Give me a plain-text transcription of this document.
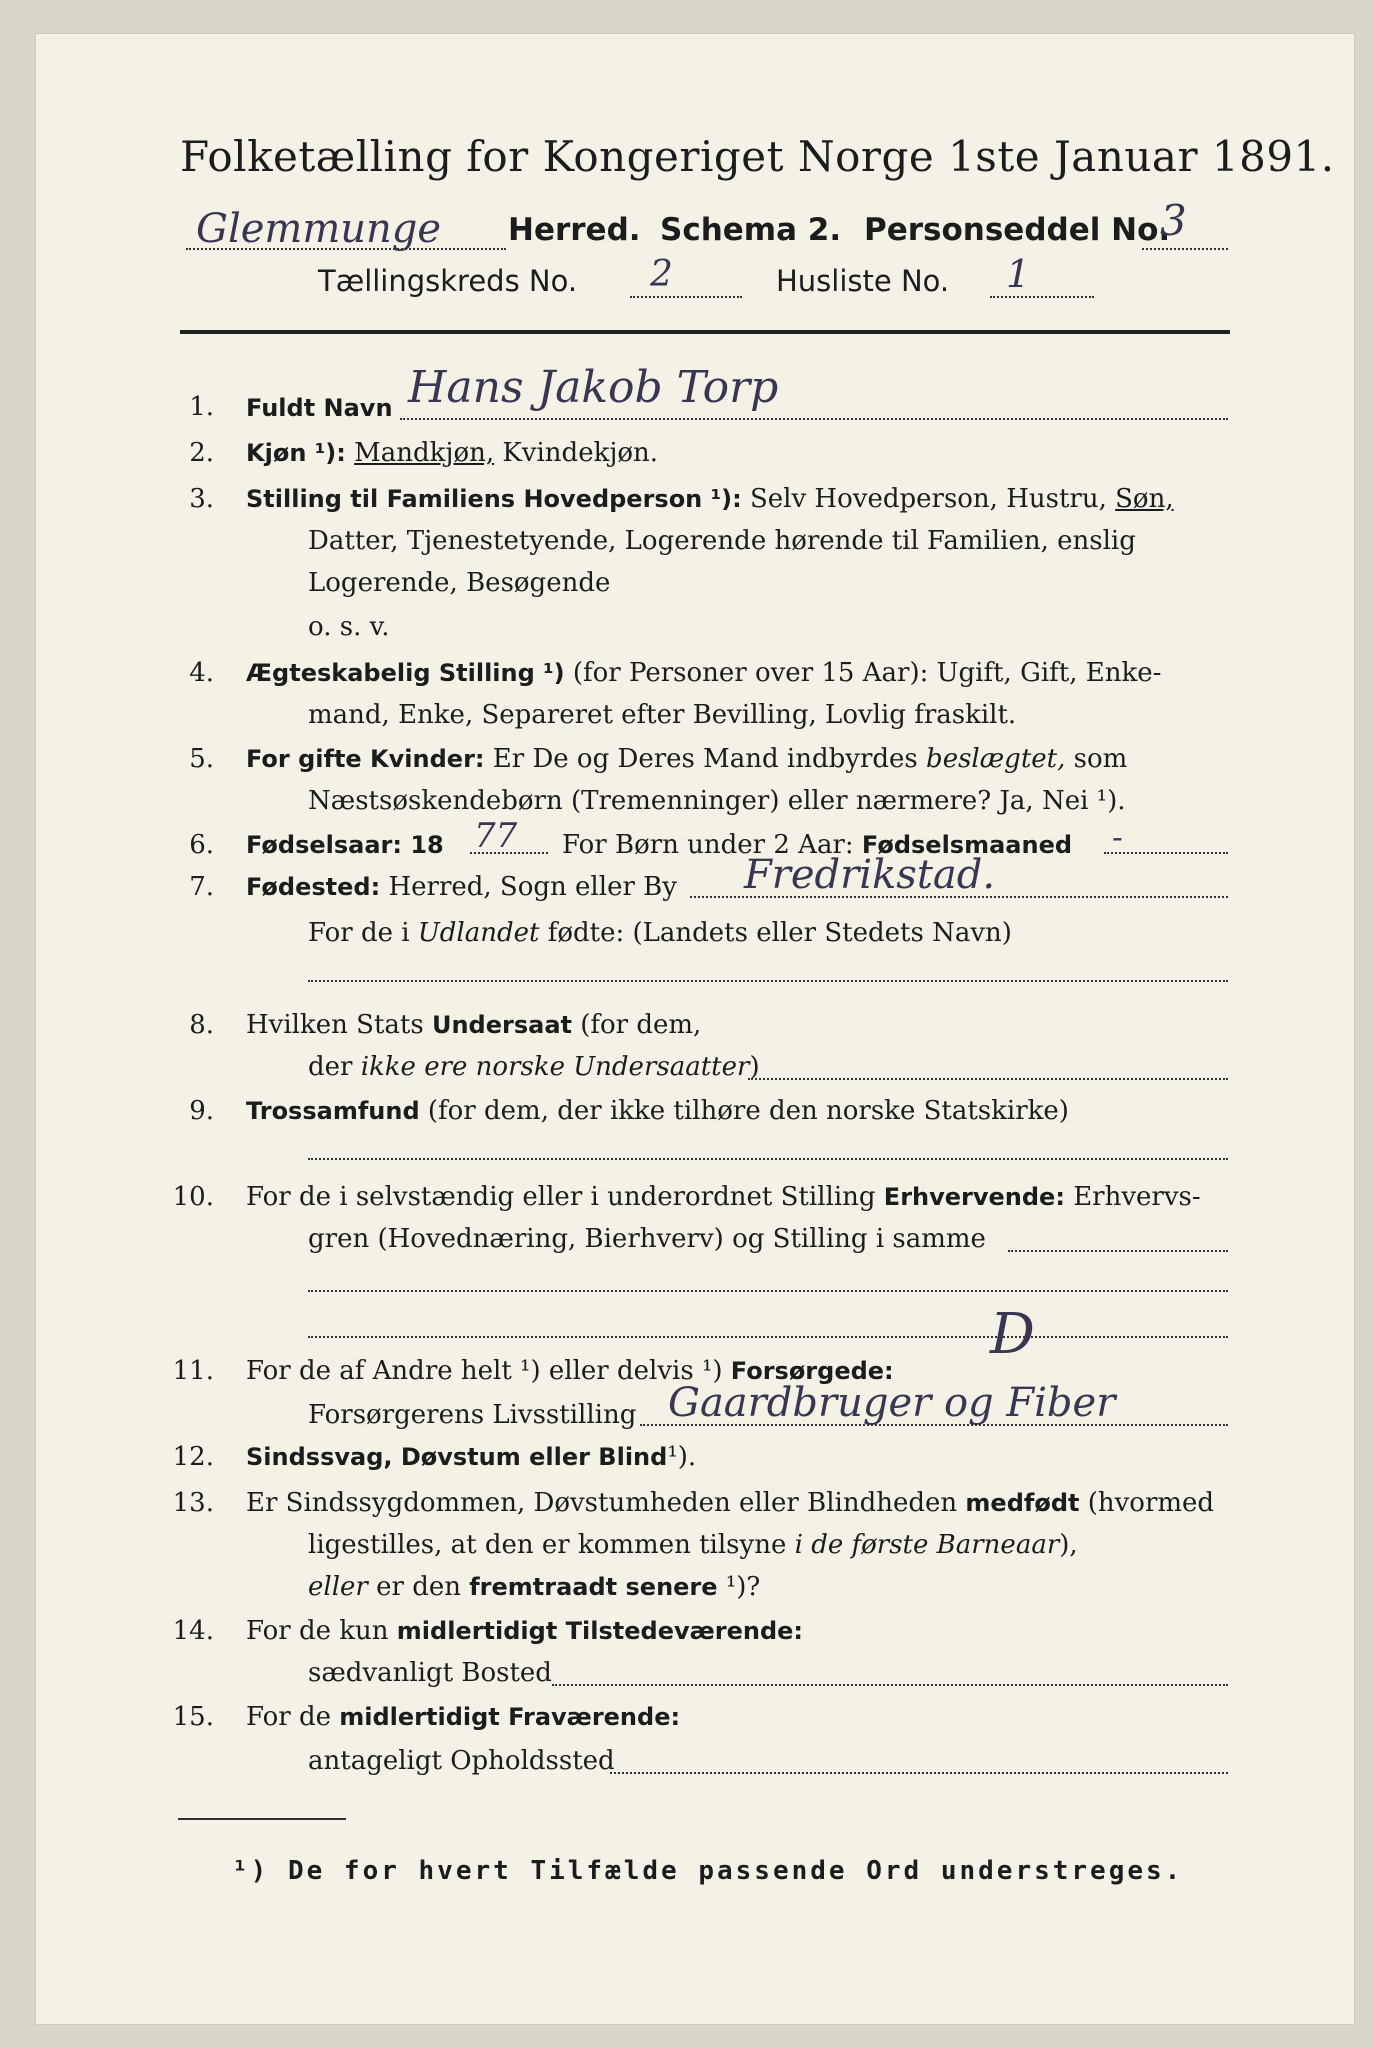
Folketælling for Kongeriget Norge 1ste Januar 1891.
Glemmunge Herred. Schema 2. Personseddel No.
3
Tællingskreds No. 2	Husliste No. 1
1. Fuldt Navn Hans Jakob Torp
2. Kjøn ¹): Mandkjøn, Kvindekjøn.
3. Stilling til Familiens Hovedperson ¹): Selv Hovedperson, Hustru, Søn,
Datter, Tjenestetyende, Logerende hørende til Familien, enslig
Logerende, Besøgende
o. s. v.
4. Ægteskabelig Stilling ¹) (for Personer over 15 Aar): Ugift, Gift, Enke-
mand, Enke, Separeret efter Bevilling, Lovlig fraskilt.
5. For gifte Kvinder: Er De og Deres Mand indbyrdes beslægtet, som
Næstsøskendebørn (Tremenninger) eller nærmere? Ja, Nei ¹).
6. Fødselsaar: 18 77 For Børn under 2 Aar: Fødselsmaaned -
7. Fødested: Herred, Sogn eller By Fredrikstad.
For de i Udlandet fødte: (Landets eller Stedets Navn)
8. Hvilken Stats Undersaat (for dem,
der ikke ere norske Undersaatter)
9. Trossamfund (for dem, der ikke tilhøre den norske Statskirke)
10. For de i selvstændig eller i underordnet Stilling Erhvervende: Erhvervs-
gren (Hovednæring, Bierhverv) og Stilling i samme
11. For de af Andre helt ¹) eller delvis ¹) Forsørgede:
D
Forsørgerens Livsstilling Gaardbruger og Fiber
12. Sindssvag, Døvstum eller Blind¹).
13. Er Sindssygdommen, Døvstumheden eller Blindheden medfødt (hvormed
ligestilles, at den er kommen tilsyne i de første Barneaar),
eller er den fremtraadt senere ¹)?
14. For de kun midlertidigt Tilstedeværende:
sædvanligt Bosted
15. For de midlertidigt Fraværende:
antageligt Opholdssted
¹) De for hvert Tilfælde passende Ord understreges.
